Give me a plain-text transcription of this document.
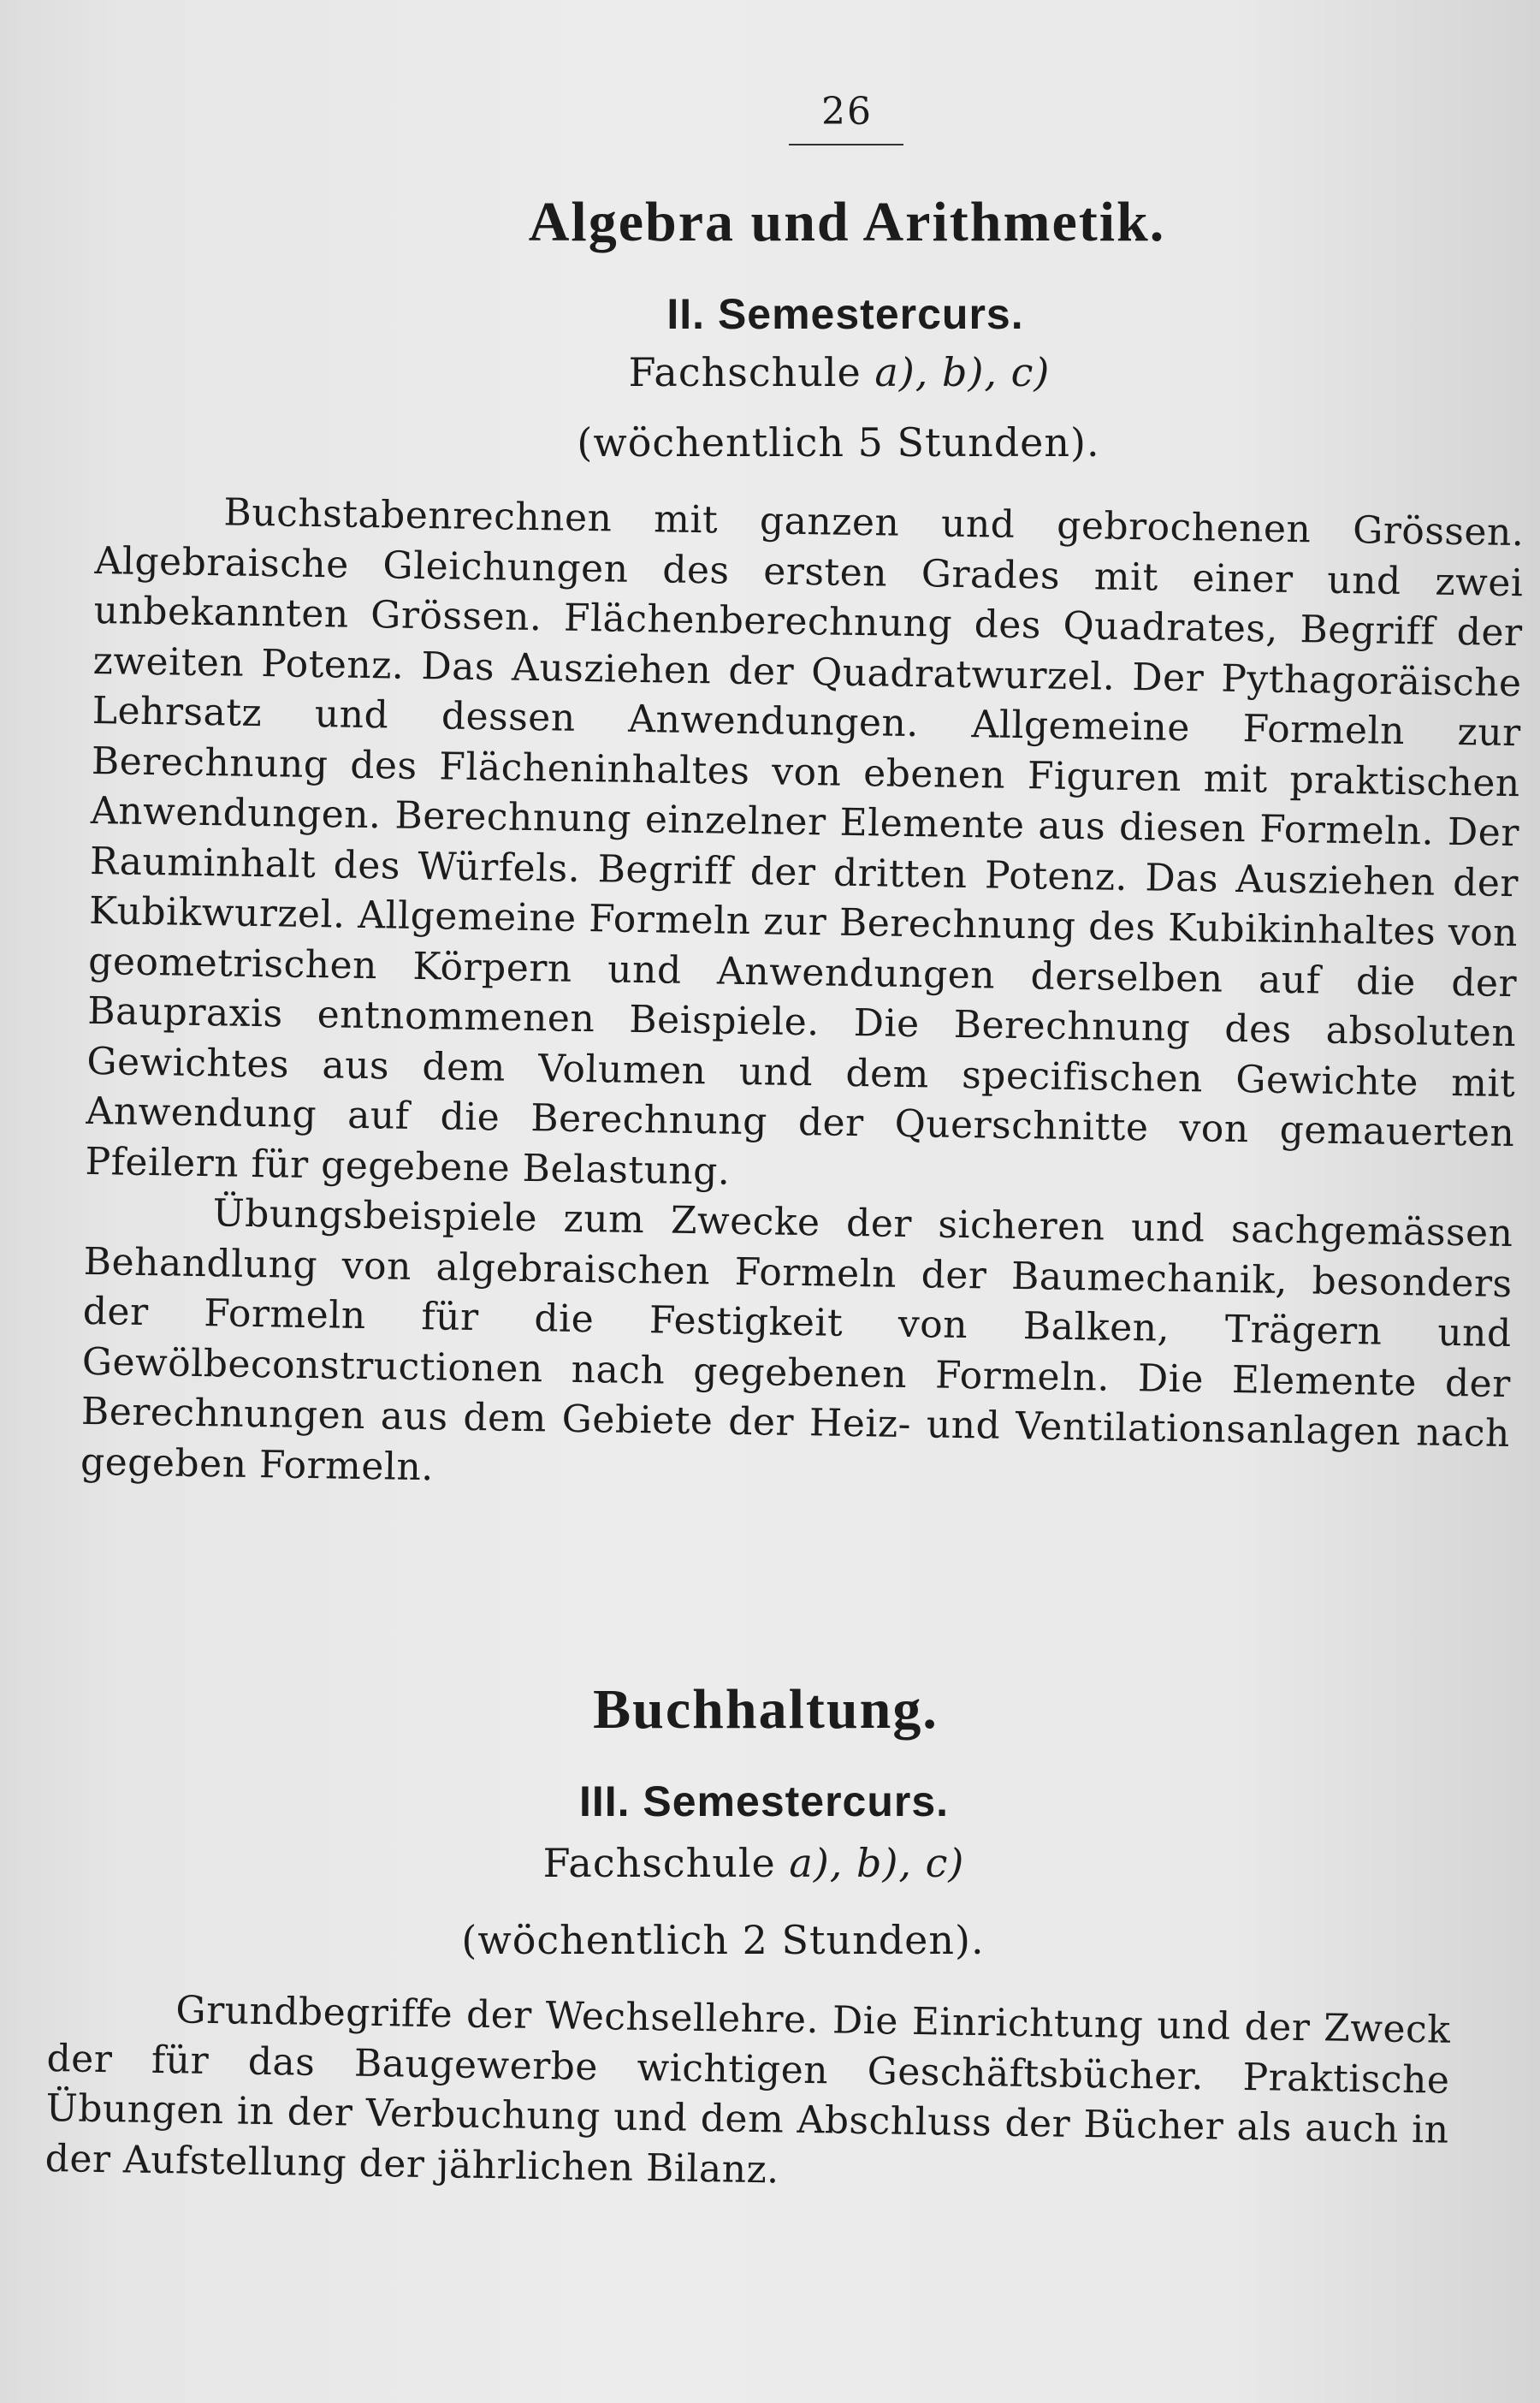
26
Algebra und Arithmetik.
II. Semestercurs.
Fachschule a), b), c)
(wöchentlich 5 Stunden).

Buchstabenrechnen mit ganzen und gebrochenen Grössen. Algebraische Gleichungen des ersten Grades mit einer und zwei unbekannten Grössen. Flächenberechnung des Quadrates, Begriff der zweiten Potenz. Das Ausziehen der Quadratwurzel. Der Pythagoräische Lehrsatz und dessen Anwendungen. Allgemeine Formeln zur Berechnung des Flächeninhaltes von ebenen Figuren mit praktischen Anwendungen. Berechnung einzelner Elemente aus diesen Formeln. Der Rauminhalt des Würfels. Begriff der dritten Potenz. Das Ausziehen der Kubikwurzel. Allgemeine Formeln zur Berechnung des Kubikinhaltes von geometrischen Körpern und Anwendungen derselben auf die der Baupraxis entnommenen Beispiele. Die Berechnung des absoluten Gewichtes aus dem Volumen und dem specifischen Gewichte mit Anwendung auf die Berechnung der Querschnitte von gemauerten Pfeilern für gegebene Belastung.

Übungsbeispiele zum Zwecke der sicheren und sachgemässen Behandlung von algebraischen Formeln der Baumechanik, besonders der Formeln für die Festigkeit von Balken, Trägern und Gewölbeconstructionen nach gegebenen Formeln. Die Elemente der Berechnungen aus dem Gebiete der Heiz- und Ventilationsanlagen nach gegeben Formeln.

Buchhaltung.
III. Semestercurs.
Fachschule a), b), c)
(wöchentlich 2 Stunden).

Grundbegriffe der Wechsellehre. Die Einrichtung und der Zweck der für das Baugewerbe wichtigen Geschäftsbücher. Praktische Übungen in der Verbuchung und dem Abschluss der Bücher als auch in der Aufstellung der jährlichen Bilanz.
